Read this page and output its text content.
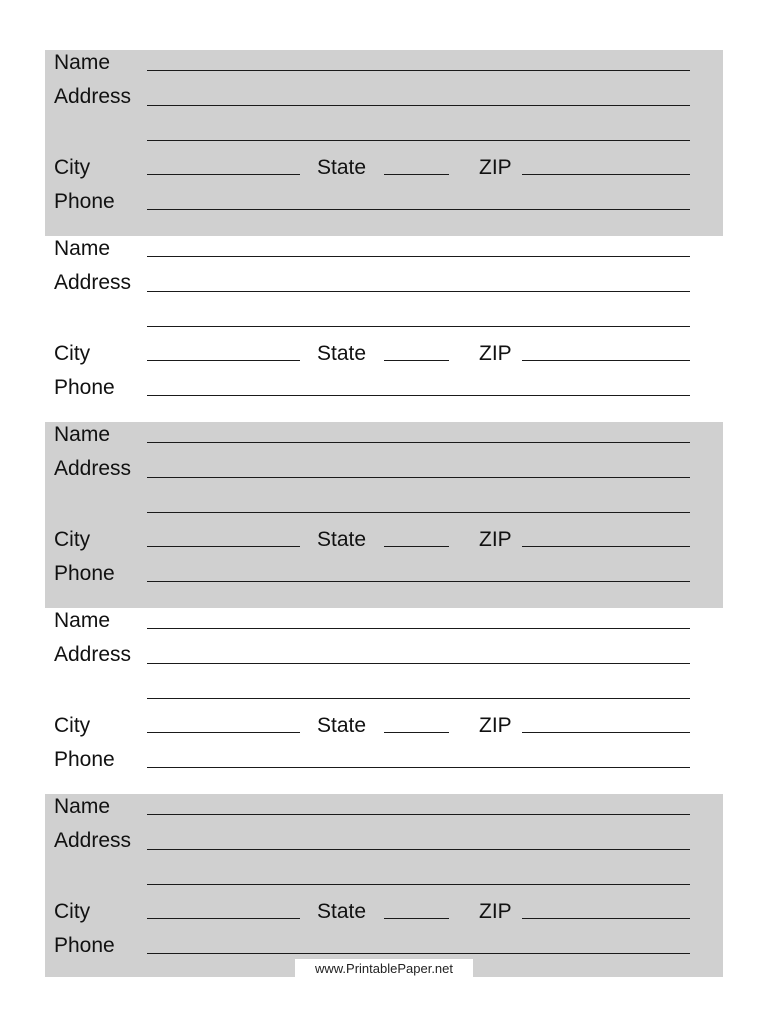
Name
Address
City	State	ZIP
Phone
Name
Address
City	State	ZIP
Phone
Name
Address
City	State	ZIP
Phone
Name
Address
City	State	ZIP
Phone
Name
Address
City	State	ZIP
Phone
www.PrintablePaper.net
